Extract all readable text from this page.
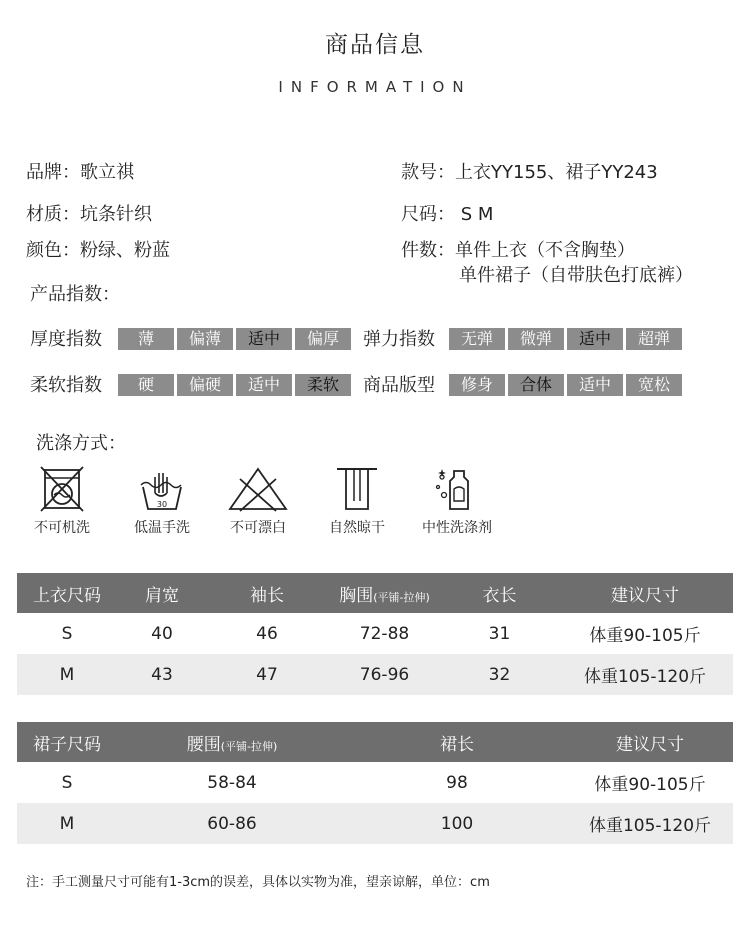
商品信息
INFORMATION
品牌：歌立祺	款号：上衣YY155、裙子YY243
材质：坑条针织	尺码： S M
颜色：粉绿、粉蓝	件数：单件上衣（不含胸垫）
单件裙子（自带肤色打底裤）
产品指数：
厚度指数	薄	偏薄	适中	偏厚	弹力指数	无弹	微弹	适中	超弹
柔软指数	硬	偏硬	适中	柔软	商品版型	修身	合体	适中	宽松
洗涤方式：
不可机洗
30
低温手洗	不可漂白	自然晾干	中性洗涤剂
上衣尺码	肩宽	袖长	胸围(平铺-拉伸)	衣长	建议尺寸
S	40	46	72-88	31	体重90-105斤
M	43	47	76-96	32	体重105-120斤
裙子尺码	腰围(平铺-拉伸)	裙长	建议尺寸
S	58-84	98	体重90-105斤
M	60-86	100	体重105-120斤
注：手工测量尺寸可能有1-3cm的误差，具体以实物为准，望亲谅解，单位：cm
